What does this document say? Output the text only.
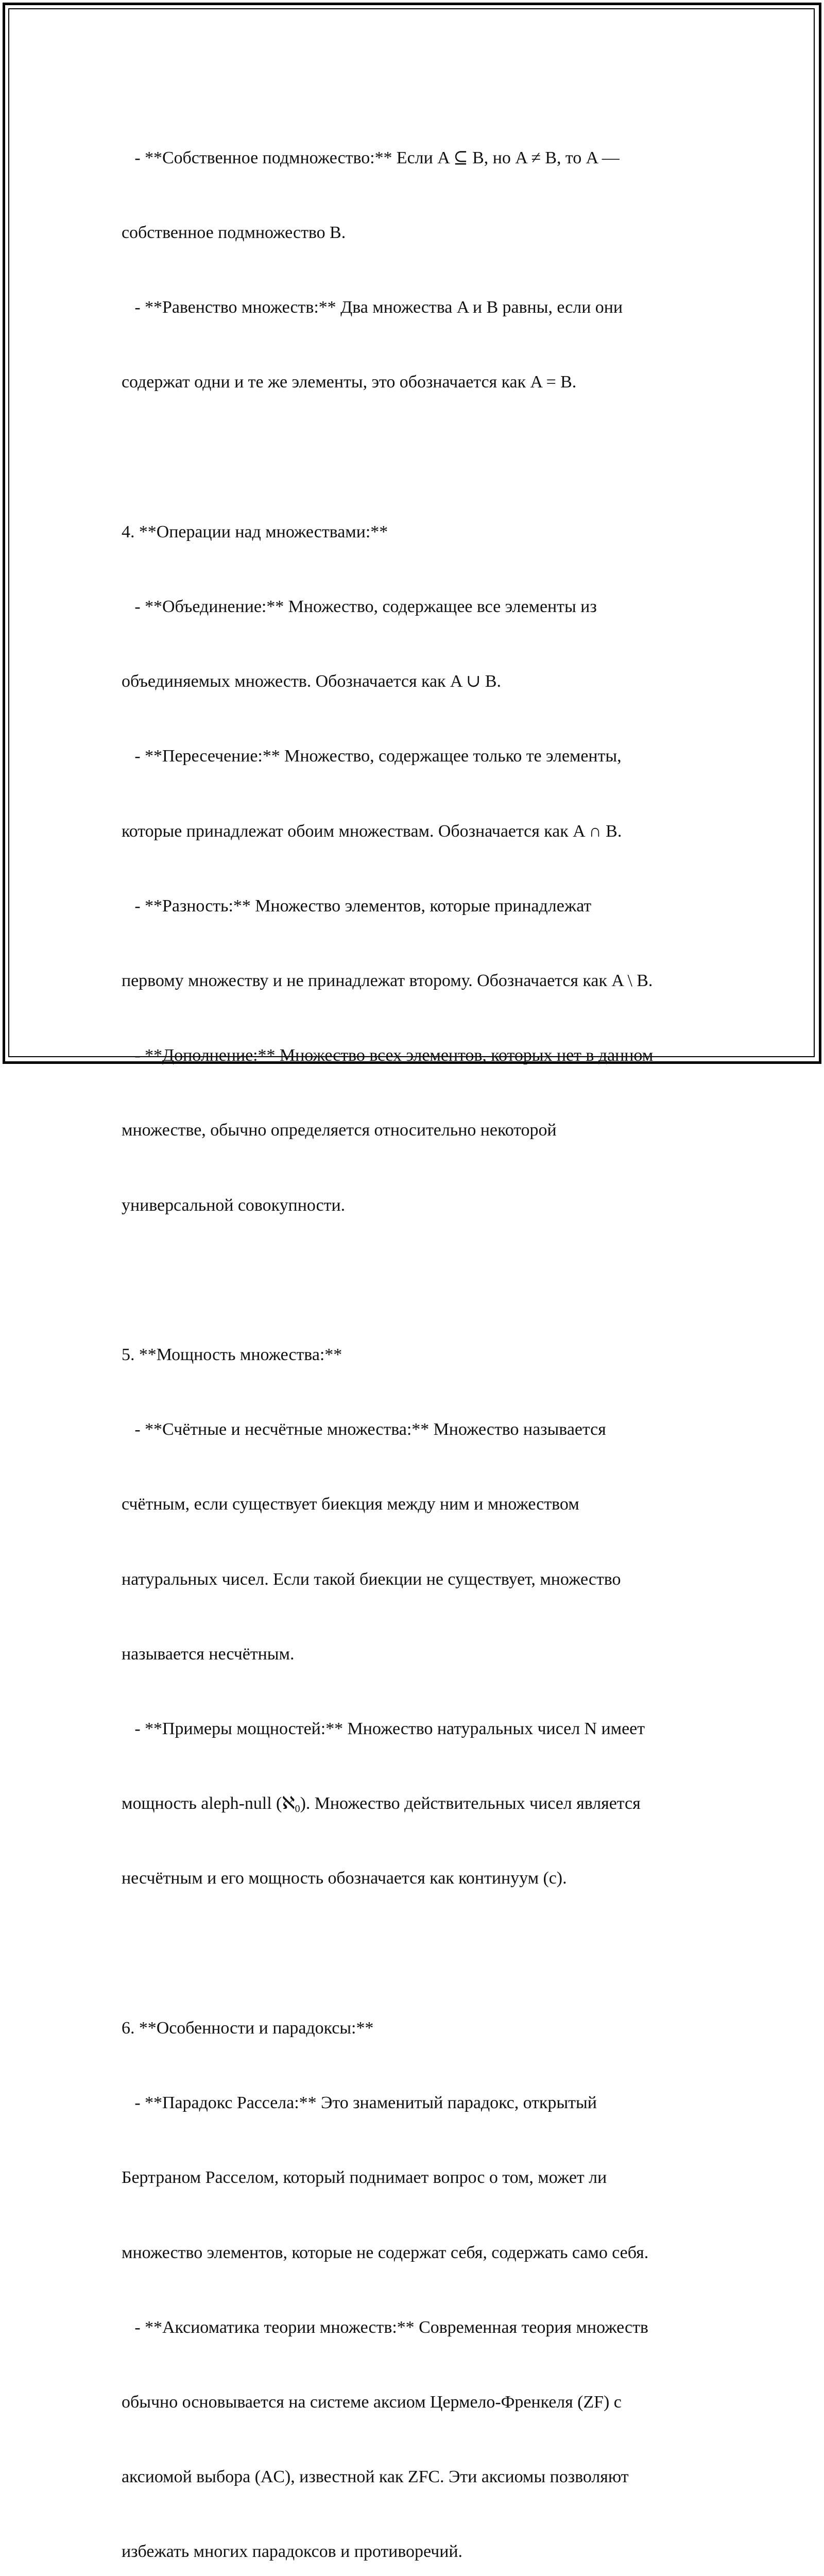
- **Собственное подмножество:** Если A ⊆ B, но A ≠ B, то A —

собственное подмножество B.

- **Равенство множеств:** Два множества A и B равны, если они

содержат одни и те же элементы, это обозначается как A = B.

4. **Операции над множествами:**

- **Объединение:** Множество, содержащее все элементы из

объединяемых множеств. Обозначается как A ∪ B.

- **Пересечение:** Множество, содержащее только те элементы,

которые принадлежат обоим множествам. Обозначается как A ∩ B.

- **Разность:** Множество элементов, которые принадлежат

первому множеству и не принадлежат второму. Обозначается как A \ B.

- **Дополнение:** Множество всех элементов, которых нет в данном

множестве, обычно определяется относительно некоторой

универсальной совокупности.

5. **Мощность множества:**

- **Счётные и несчётные множества:** Множество называется

счётным, если существует биекция между ним и множеством

натуральных чисел. Если такой биекции не существует, множество

называется несчётным.

- **Примеры мощностей:** Множество натуральных чисел N имеет

мощность aleph-null (ℵ$_0$). Множество действительных чисел является

несчётным и его мощность обозначается как континуум (c).

6. **Особенности и парадоксы:**

- **Парадокс Рассела:** Это знаменитый парадокс, открытый

Бертраном Расселом, который поднимает вопрос о том, может ли

множество элементов, которые не содержат себя, содержать само себя.

- **Аксиоматика теории множеств:** Современная теория множеств

обычно основывается на системе аксиом Цермело-Френкеля (ZF) с

аксиомой выбора (AC), известной как ZFC. Эти аксиомы позволяют

избежать многих парадоксов и противоречий.
